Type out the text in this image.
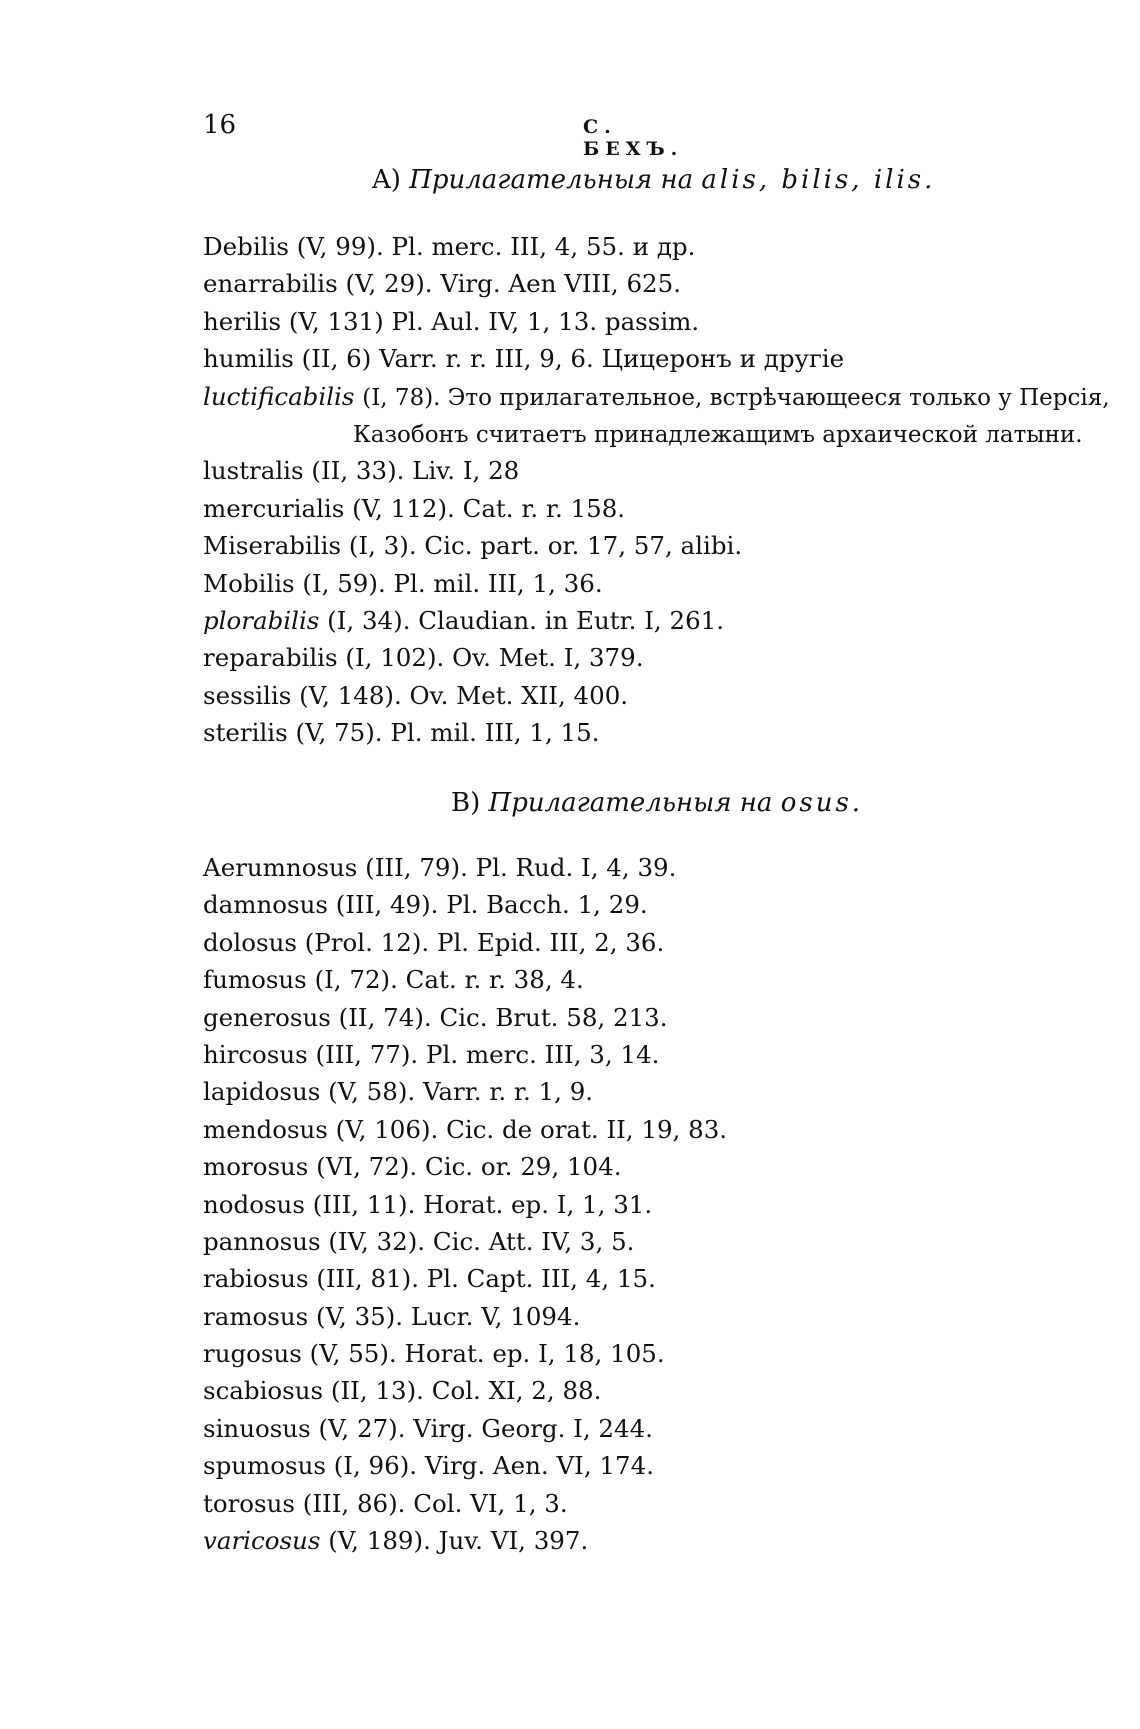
16	С. БЕХЪ.
A) Прилагательныя на alis, bilis, ilis.
Debilis (V, 99). Pl. merc. III, 4, 55. и др.
enarrabilis (V, 29). Virg. Aen VIII, 625.
herilis (V, 131) Pl. Aul. IV, 1, 13. passim.
humilis (II, 6) Varr. r. r. III, 9, 6. Цицеронъ и другіе
luctificabilis (I, 78). Это прилагательное, встрѣчающееся только у Персія,
Казобонъ считаетъ принадлежащимъ архаической латыни.
lustralis (II, 33). Liv. I, 28
mercurialis (V, 112). Cat. r. r. 158.
Miserabilis (I, 3). Cic. part. or. 17, 57, alibi.
Mobilis (I, 59). Pl. mil. III, 1, 36.
plorabilis (I, 34). Claudian. in Eutr. I, 261.
reparabilis (I, 102). Ov. Met. I, 379.
sessilis (V, 148). Ov. Met. XII, 400.
sterilis (V, 75). Pl. mil. III, 1, 15.
B) Прилагательныя на osus.
Aerumnosus (III, 79). Pl. Rud. I, 4, 39.
damnosus (III, 49). Pl. Bacch. 1, 29.
dolosus (Prol. 12). Pl. Epid. III, 2, 36.
fumosus (I, 72). Cat. r. r. 38, 4.
generosus (II, 74). Cic. Brut. 58, 213.
hircosus (III, 77). Pl. merc. III, 3, 14.
lapidosus (V, 58). Varr. r. r. 1, 9.
mendosus (V, 106). Cic. de orat. II, 19, 83.
morosus (VI, 72). Cic. or. 29, 104.
nodosus (III, 11). Horat. ep. I, 1, 31.
pannosus (IV, 32). Cic. Att. IV, 3, 5.
rabiosus (III, 81). Pl. Capt. III, 4, 15.
ramosus (V, 35). Lucr. V, 1094.
rugosus (V, 55). Horat. ep. I, 18, 105.
scabiosus (II, 13). Col. XI, 2, 88.
sinuosus (V, 27). Virg. Georg. I, 244.
spumosus (I, 96). Virg. Aen. VI, 174.
torosus (III, 86). Col. VI, 1, 3.
varicosus (V, 189). Juv. VI, 397.
